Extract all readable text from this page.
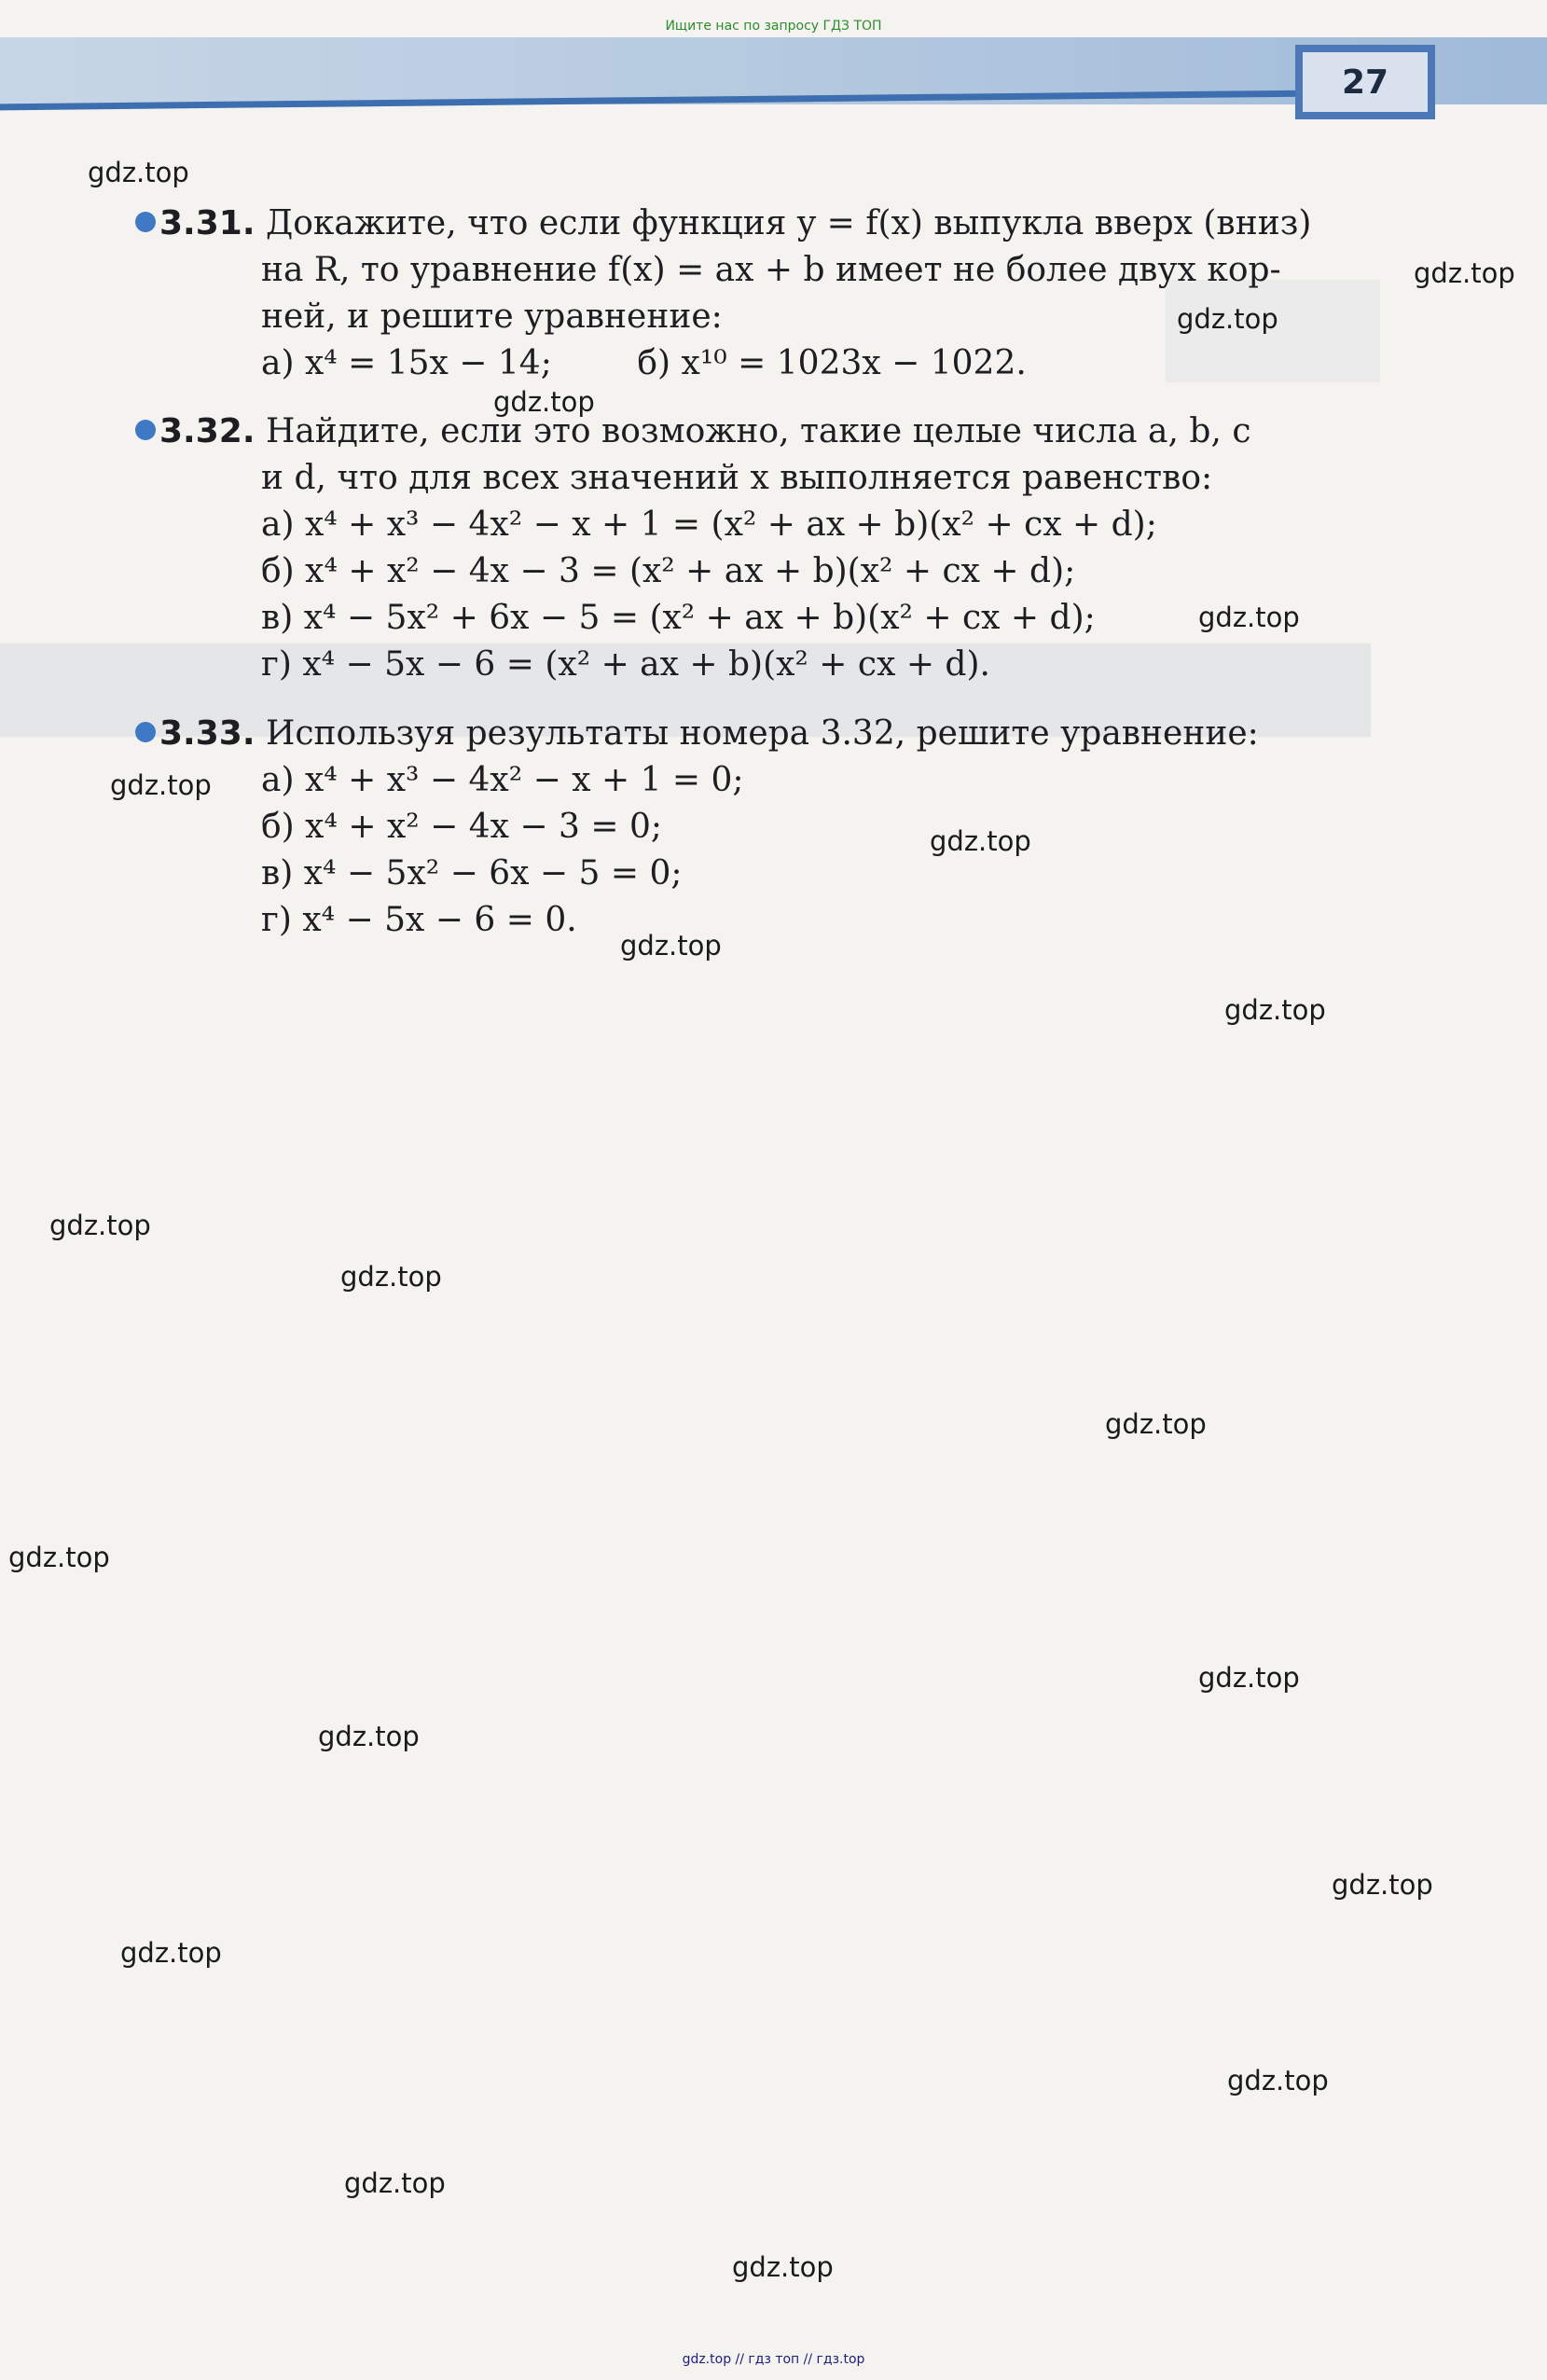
Ищите нас по запросу ГДЗ ТОП
27
3.31. Докажите, что если функция y = f(x) выпукла вверх (вниз)
на R, то уравнение f(x) = ax + b имеет не более двух кор-
ней, и решите уравнение:
а) x⁴ = 15x − 14;        б) x¹⁰ = 1023x − 1022.
3.32. Найдите, если это возможно, такие целые числа a, b, c
и d, что для всех значений x выполняется равенство:
а) x⁴ + x³ − 4x² − x + 1 = (x² + ax + b)(x² + cx + d);
б) x⁴ + x² − 4x − 3 = (x² + ax + b)(x² + cx + d);
в) x⁴ − 5x² + 6x − 5 = (x² + ax + b)(x² + cx + d);
г) x⁴ − 5x − 6 = (x² + ax + b)(x² + cx + d).
3.33. Используя результаты номера 3.32, решите уравнение:
а) x⁴ + x³ − 4x² − x + 1 = 0;
б) x⁴ + x² − 4x − 3 = 0;
в) x⁴ − 5x² − 6x − 5 = 0;
г) x⁴ − 5x − 6 = 0.
gdz.top
gdz.top
gdz.top
gdz.top
gdz.top
gdz.top
gdz.top
gdz.top
gdz.top
gdz.top
gdz.top
gdz.top
gdz.top
gdz.top
gdz.top
gdz.top
gdz.top
gdz.top
gdz.top
gdz.top
gdz.top // гдз топ // гдз.top
